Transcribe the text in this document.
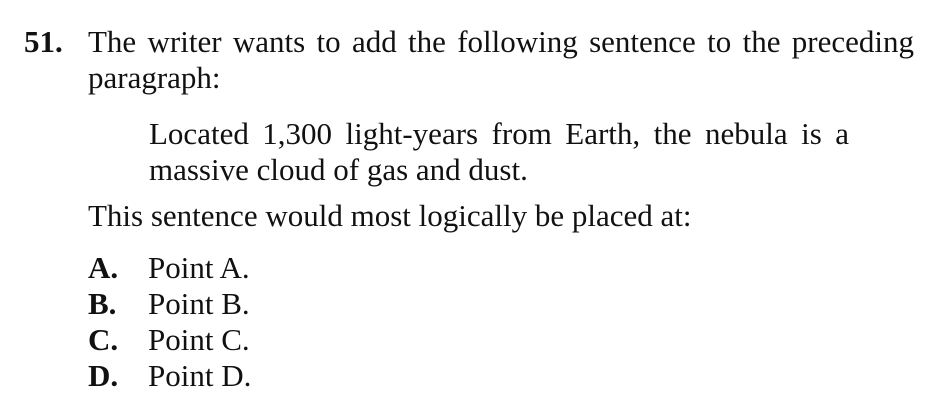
51. The writer wants to add the following sentence to the preceding paragraph:
Located 1,300 light-years from Earth, the nebula is a massive cloud of gas and dust.
This sentence would most logically be placed at:
A. Point A.
B.	Point B.
C. Point C.
D. Point D.
